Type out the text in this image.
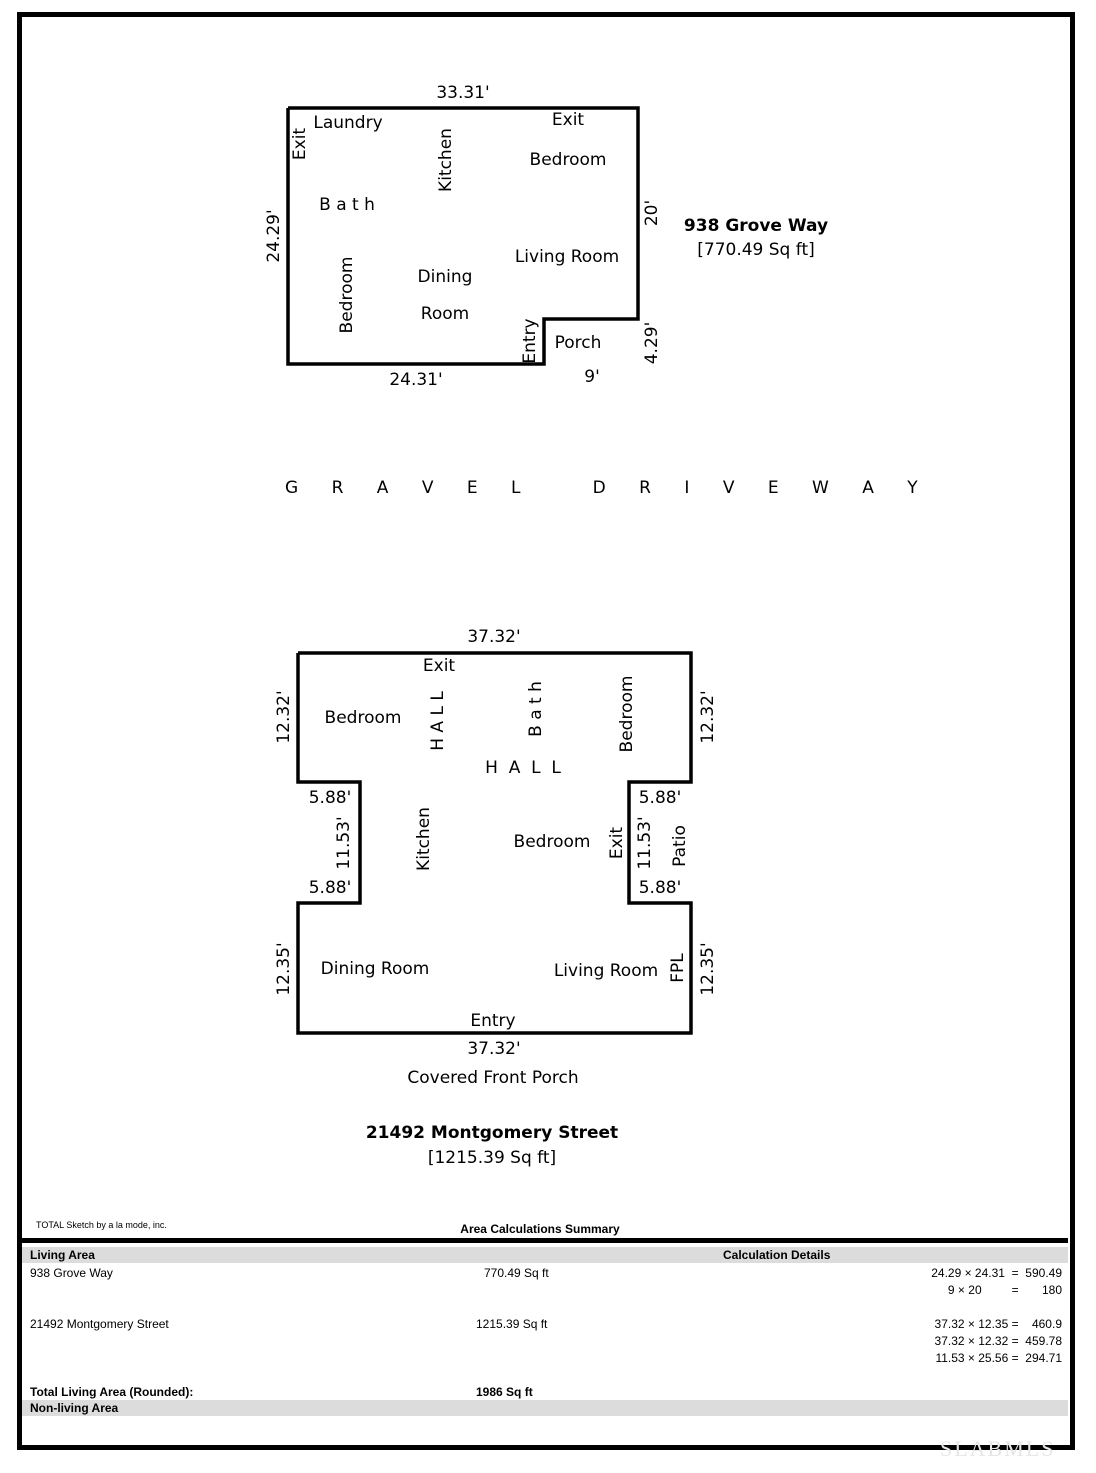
33.31'
24.29'	20'
4.29'
24.31'	9'
Exit
Laundry
Kitchen
Exit
Bedroom
B a t h
Living Room
Bedroom	Dining
Room
Entry Porch
938 Grove Way
[770.49 Sq ft]
G R A V E L   D R I V E W A Y
37.32'
12.32'	12.32'
5.88'
11.53'
5.88'
5.88'
11.53'
5.88'
12.35'	12.35'
37.32'
Exit
Bedroom H A L L	B a t h	Bedroom
H  A  L  L
Kitchen	Bedroom Exit	Patio
Dining Room	Living Room FPL
Entry
Covered Front Porch
21492 Montgomery Street
[1215.39 Sq ft]
TOTAL Sketch by a la mode, inc.	Area Calculations Summary
Living Area	Calculation Details
938 Grove Way	770.49 Sq ft	24.29 × 24.31  =  590.49
9 × 20         =       180
21492 Montgomery Street	1215.39 Sq ft	37.32 × 12.35 =    460.9
37.32 × 12.32 =  459.78
11.53 × 25.56 =  294.71
Total Living Area (Rounded):	1986 Sq ft
Non-living Area
SLABMLS
